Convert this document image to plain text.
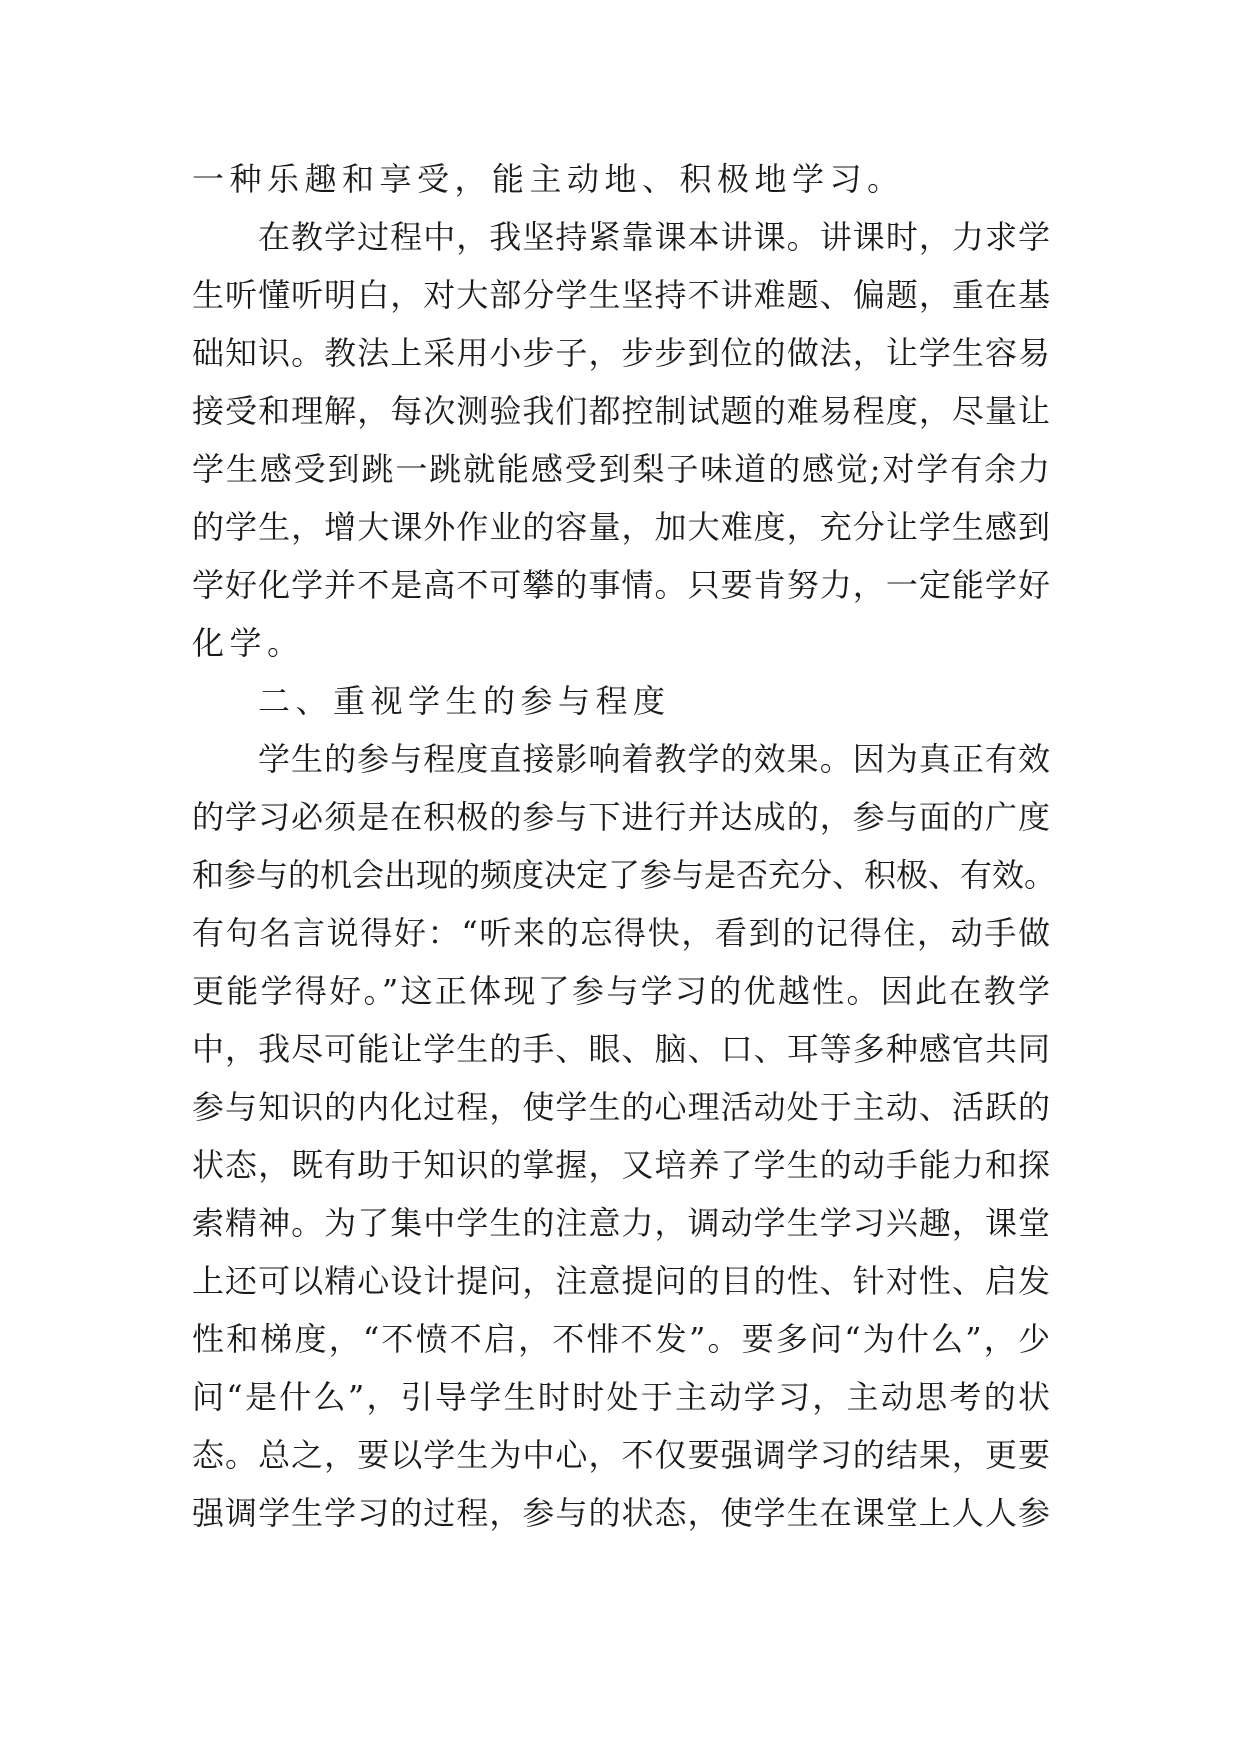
一种乐趣和享受，能主动地、积极地学习。
在教学过程中，我坚持紧靠课本讲课。讲课时，力求学
生听懂听明白，对大部分学生坚持不讲难题、偏题，重在基
础知识。教法上采用小步子，步步到位的做法，让学生容易
接受和理解，每次测验我们都控制试题的难易程度，尽量让
学生感受到跳一跳就能感受到梨子味道的感觉;对学有余力
的学生，增大课外作业的容量，加大难度，充分让学生感到
学好化学并不是高不可攀的事情。只要肯努力，一定能学好
化学。
二、重视学生的参与程度
学生的参与程度直接影响着教学的效果。因为真正有效
的学习必须是在积极的参与下进行并达成的，参与面的广度
和参与的机会出现的频度决定了参与是否充分、积极、有效。
有句名言说得好：“听来的忘得快，看到的记得住，动手做
更能学得好。”这正体现了参与学习的优越性。因此在教学
中，我尽可能让学生的手、眼、脑、口、耳等多种感官共同
参与知识的内化过程，使学生的心理活动处于主动、活跃的
状态，既有助于知识的掌握，又培养了学生的动手能力和探
索精神。为了集中学生的注意力，调动学生学习兴趣，课堂
上还可以精心设计提问，注意提问的目的性、针对性、启发
性和梯度，“不愤不启，不悱不发”。要多问“为什么”，少
问“是什么”，引导学生时时处于主动学习，主动思考的状
态。总之，要以学生为中心，不仅要强调学习的结果，更要
强调学生学习的过程，参与的状态，使学生在课堂上人人参
